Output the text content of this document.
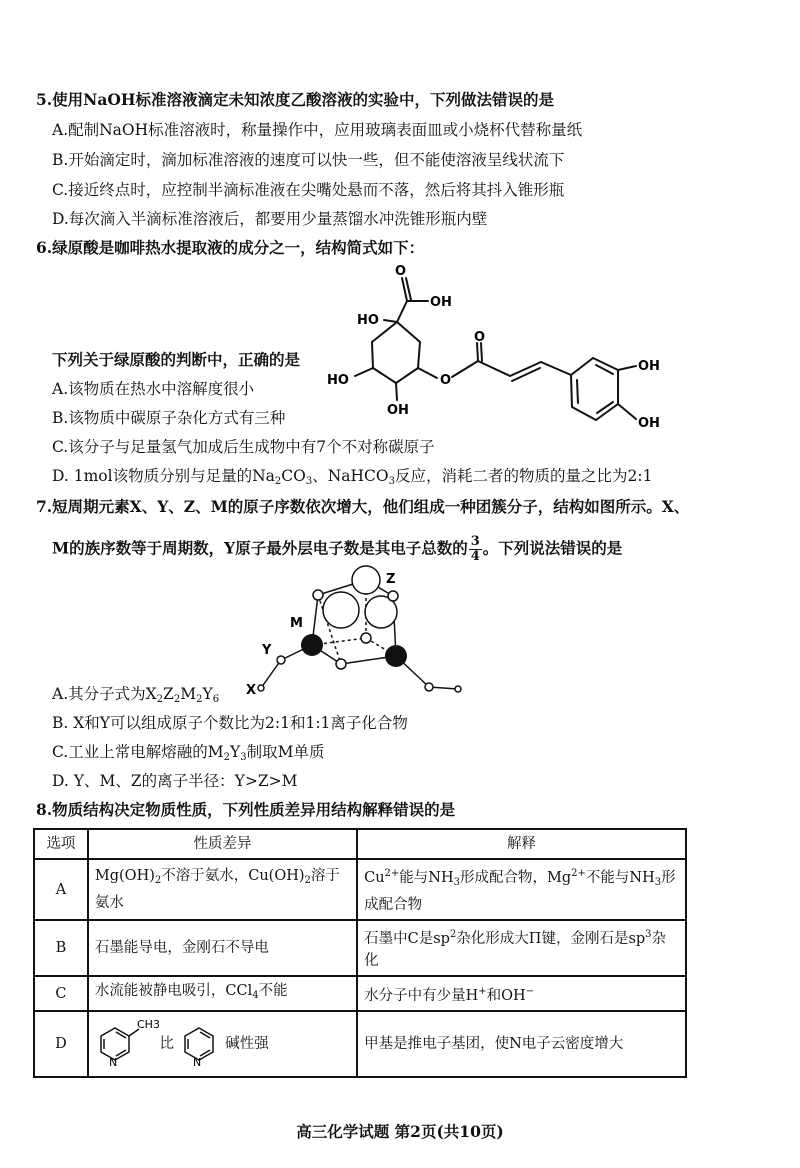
5.使用NaOH标准溶液滴定未知浓度乙酸溶液的实验中，下列做法错误的是
A.配制NaOH标准溶液时，称量操作中，应用玻璃表面皿或小烧杯代替称量纸
B.开始滴定时，滴加标准溶液的速度可以快一些，但不能使溶液呈线状流下
C.接近终点时，应控制半滴标准液在尖嘴处悬而不落，然后将其抖入锥形瓶
D.每次滴入半滴标准溶液后，都要用少量蒸馏水冲洗锥形瓶内壁
6.绿原酸是咖啡热水提取液的成分之一，结构简式如下：
O
OH
HO
HO
OH
O
O
OH
OH
下列关于绿原酸的判断中，正确的是
A.该物质在热水中溶解度很小
B.该物质中碳原子杂化方式有三种
C.该分子与足量氢气加成后生成物中有7个不对称碳原子
D. 1mol该物质分别与足量的$Na_2CO_3$、NaHCO$_3$反应，消耗二者的物质的量之比为2:1
7.短周期元素X、Y、Z、M的原子序数依次增大，他们组成一种团簇分子，结构如图所示。X、
M的族序数等于周期数，Y原子最外层电子数是其电子总数的 $\frac{3}{4}$ 。下列说法错误的是
Z
M
Y
X
A.其分子式为$X_2Z_2M_2Y_6$
B. X和Y可以组成原子个数比为2:1和1:1离子化合物
C.工业上常电解熔融的$M_2Y_3$制取M单质
D. Y、M、Z的离子半径：Y>Z>M
8.物质结构决定物质性质，下列性质差异用结构解释错误的是
选项	性质差异	解释
A	$Mg(OH)_2$不溶于氨水，$Cu(OH)_2$溶于氨水	$Cu^{2+}$能与$NH_3$形成配合物，$Mg^{2+}$不能与$NH_3$形成配合物
B	石墨能导电，金刚石不导电	石墨中C是$sp^2$杂化形成大Π键，金刚石是$sp^3$杂化
C	水流能被静电吸引，CCl$_4$不能	水分子中有少量H+和OH−
D	N
CH3
比
N
碱性强	甲基是推电子基团，使N电子云密度增大
高三化学试题 第2页(共10页)
